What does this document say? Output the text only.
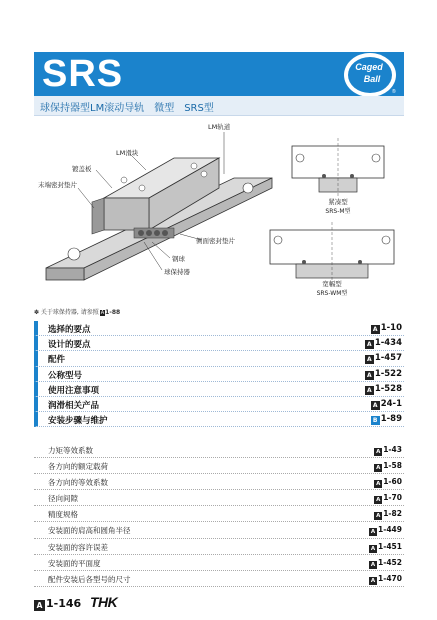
SRS	Caged
Ball
®
球保持器型LM滚动导轨　微型　SRS型
LM轨道
LM滑块
镀盖板
末端密封垫片
侧面密封垫片
钢球
球保持器
紧凑型
SRS-M型
宽幅型
SRS-WM型
✽ 关于球保持器, 请参照 A1-88
选择的要点	A 1-10
设计的要点	A 1-434
配件	A 1-457
公称型号	A 1-522
使用注意事项	A 1-528
润滑相关产品	A 24-1
安装步骤与维护	B 1-89
力矩等效系数	A 1-43
各方向的额定载荷	A 1-58
各方向的等效系数	A 1-60
径向间隙	A 1-70
精度规格	A 1-82
安装面的肩高和圆角半径	A 1-449
安装面的容许误差	A 1-451
安装面的平面度	A 1-452
配件安装后各型号的尺寸	A 1-470
A 1-146 THK
